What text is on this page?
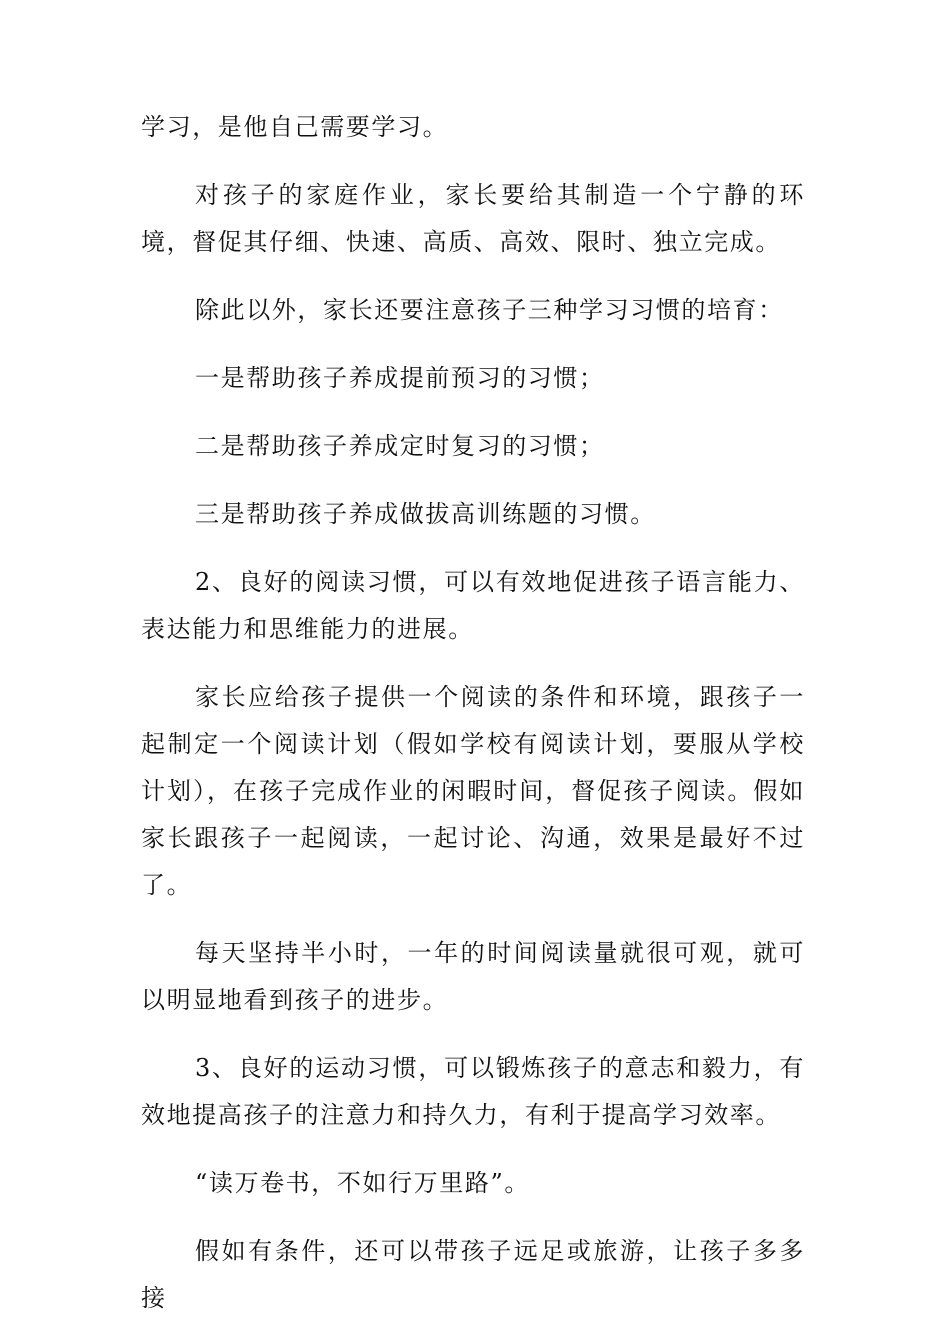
学习，是他自己需要学习。

对孩子的家庭作业，家长要给其制造一个宁静的环境，督促其仔细、快速、高质、高效、限时、独立完成。

除此以外，家长还要注意孩子三种学习习惯的培育：

一是帮助孩子养成提前预习的习惯；

二是帮助孩子养成定时复习的习惯；

三是帮助孩子养成做拔高训练题的习惯。

2、良好的阅读习惯，可以有效地促进孩子语言能力、表达能力和思维能力的进展。

家长应给孩子提供一个阅读的条件和环境，跟孩子一起制定一个阅读计划（假如学校有阅读计划，要服从学校计划），在孩子完成作业的闲暇时间，督促孩子阅读。假如家长跟孩子一起阅读，一起讨论、沟通，效果是最好不过了。

每天坚持半小时，一年的时间阅读量就很可观，就可以明显地看到孩子的进步。

3、良好的运动习惯，可以锻炼孩子的意志和毅力，有效地提高孩子的注意力和持久力，有利于提高学习效率。

“读万卷书，不如行万里路”。

假如有条件，还可以带孩子远足或旅游，让孩子多多接
